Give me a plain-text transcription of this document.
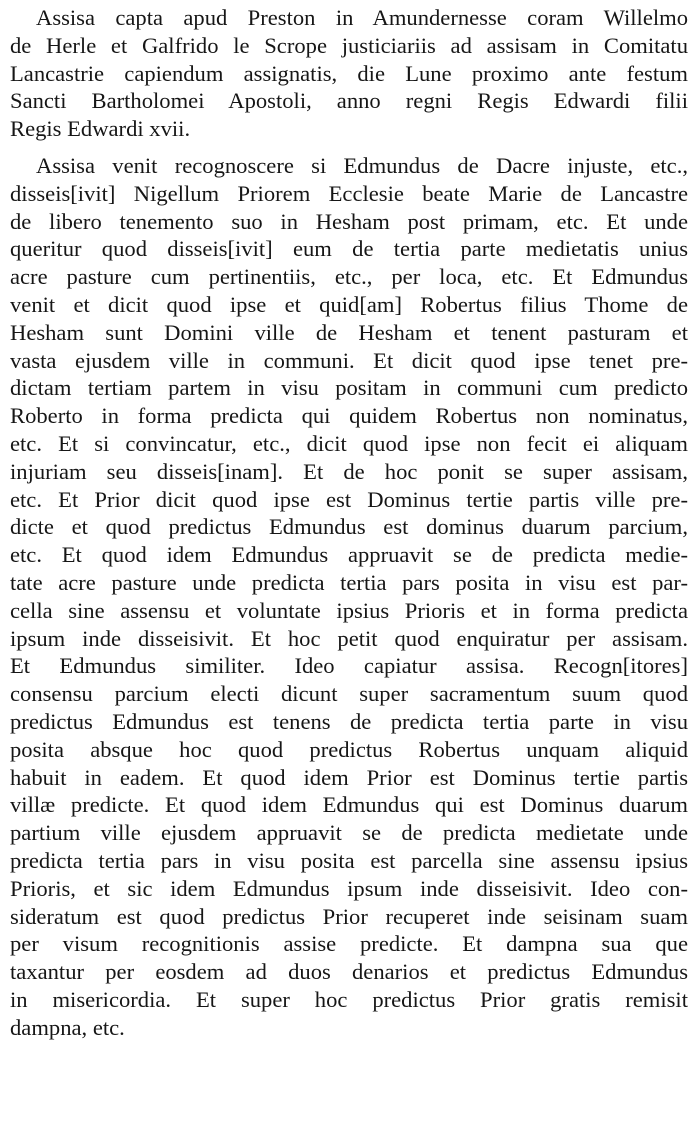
Assisa capta apud Preston in Amundernesse coram Willelmo
de Herle et Galfrido le Scrope justiciariis ad assisam in Comitatu
Lancastrie capiendum assignatis, die Lune proximo ante festum
Sancti Bartholomei Apostoli, anno regni Regis Edwardi filii
Regis Edwardi xvii.

Assisa venit recognoscere si Edmundus de Dacre injuste, etc.,
disseis[ivit] Nigellum Priorem Ecclesie beate Marie de Lancastre
de libero tenemento suo in Hesham post primam, etc. Et unde
queritur quod disseis[ivit] eum de tertia parte medietatis unius
acre pasture cum pertinentiis, etc., per loca, etc. Et Edmundus
venit et dicit quod ipse et quid[am] Robertus filius Thome de
Hesham sunt Domini ville de Hesham et tenent pasturam et
vasta ejusdem ville in communi. Et dicit quod ipse tenet pre-
dictam tertiam partem in visu positam in communi cum predicto
Roberto in forma predicta qui quidem Robertus non nominatus,
etc. Et si convincatur, etc., dicit quod ipse non fecit ei aliquam
injuriam seu disseis[inam]. Et de hoc ponit se super assisam,
etc. Et Prior dicit quod ipse est Dominus tertie partis ville pre-
dicte et quod predictus Edmundus est dominus duarum parcium,
etc. Et quod idem Edmundus appruavit se de predicta medie-
tate acre pasture unde predicta tertia pars posita in visu est par-
cella sine assensu et voluntate ipsius Prioris et in forma predicta
ipsum inde disseisivit. Et hoc petit quod enquiratur per assisam.
Et Edmundus similiter. Ideo capiatur assisa. Recogn[itores]
consensu parcium electi dicunt super sacramentum suum quod
predictus Edmundus est tenens de predicta tertia parte in visu
posita absque hoc quod predictus Robertus unquam aliquid
habuit in eadem. Et quod idem Prior est Dominus tertie partis
villæ predicte. Et quod idem Edmundus qui est Dominus duarum
partium ville ejusdem appruavit se de predicta medietate unde
predicta tertia pars in visu posita est parcella sine assensu ipsius
Prioris, et sic idem Edmundus ipsum inde disseisivit. Ideo con-
sideratum est quod predictus Prior recuperet inde seisinam suam
per visum recognitionis assise predicte. Et dampna sua que
taxantur per eosdem ad duos denarios et predictus Edmundus
in misericordia. Et super hoc predictus Prior gratis remisit
dampna, etc.
